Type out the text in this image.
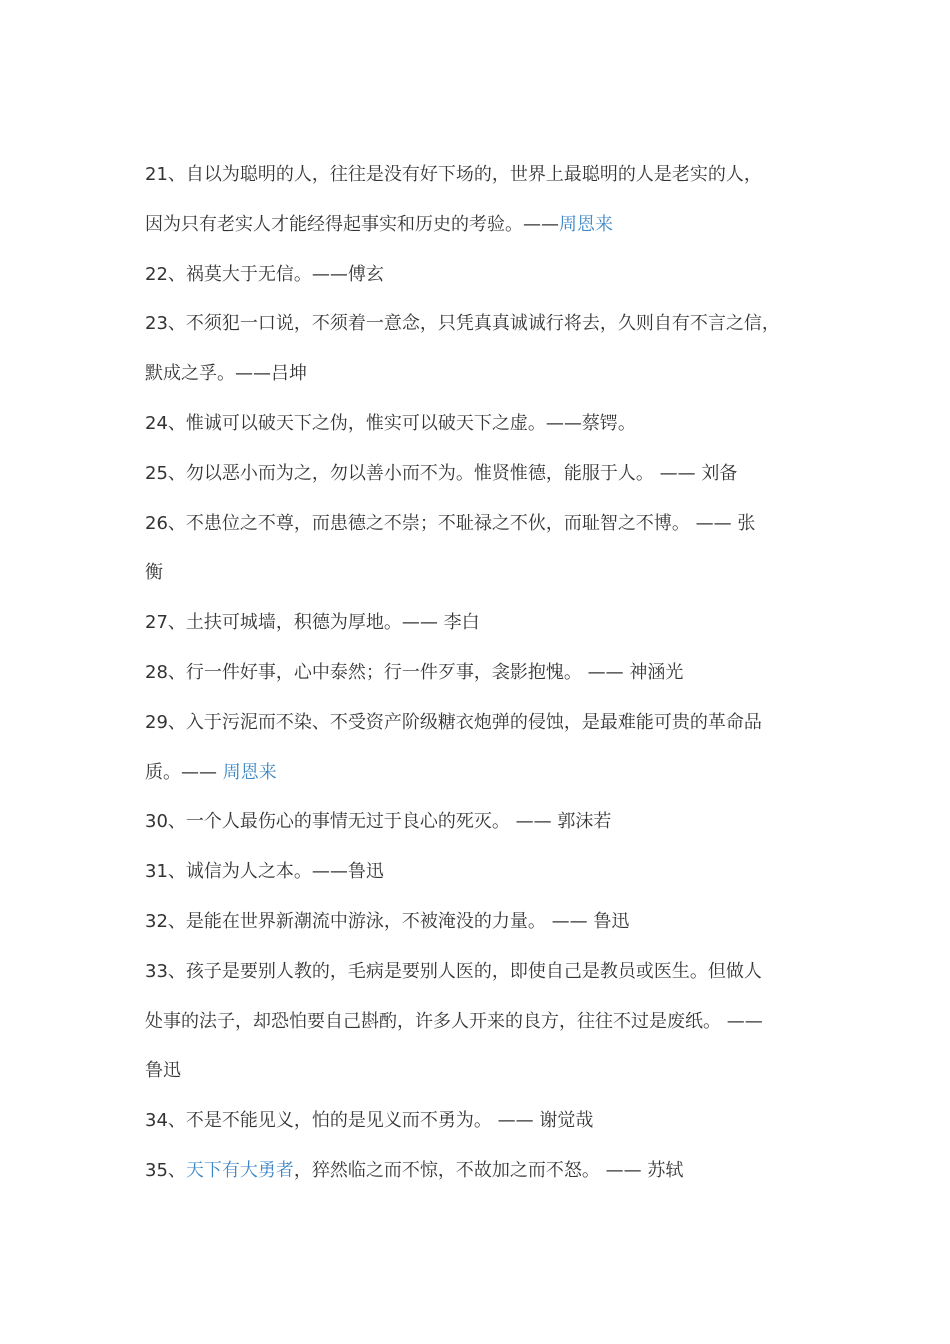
21、自以为聪明的人，往往是没有好下场的，世界上最聪明的人是老实的人，
因为只有老实人才能经得起事实和历史的考验。——周恩来
22、祸莫大于无信。——傅玄
23、不须犯一口说，不须着一意念，只凭真真诚诚行将去，久则自有不言之信，
默成之孚。——吕坤
24、惟诚可以破天下之伪，惟实可以破天下之虚。——蔡锷。
25、勿以恶小而为之，勿以善小而不为。惟贤惟德，能服于人。 —— 刘备
26、不患位之不尊，而患德之不崇；不耻禄之不伙，而耻智之不博。 —— 张
衡
27、土扶可城墙，积德为厚地。—— 李白
28、行一件好事，心中泰然；行一件歹事，衾影抱愧。 —— 神涵光
29、入于污泥而不染、不受资产阶级糖衣炮弹的侵蚀，是最难能可贵的革命品
质。—— 周恩来
30、一个人最伤心的事情无过于良心的死灭。 —— 郭沫若
31、诚信为人之本。——鲁迅
32、是能在世界新潮流中游泳，不被淹没的力量。 —— 鲁迅
33、孩子是要别人教的，毛病是要别人医的，即使自己是教员或医生。但做人
处事的法子，却恐怕要自己斟酌，许多人开来的良方，往往不过是废纸。 ——
鲁迅
34、不是不能见义，怕的是见义而不勇为。 —— 谢觉哉
35、天下有大勇者，猝然临之而不惊，不故加之而不怒。 —— 苏轼
